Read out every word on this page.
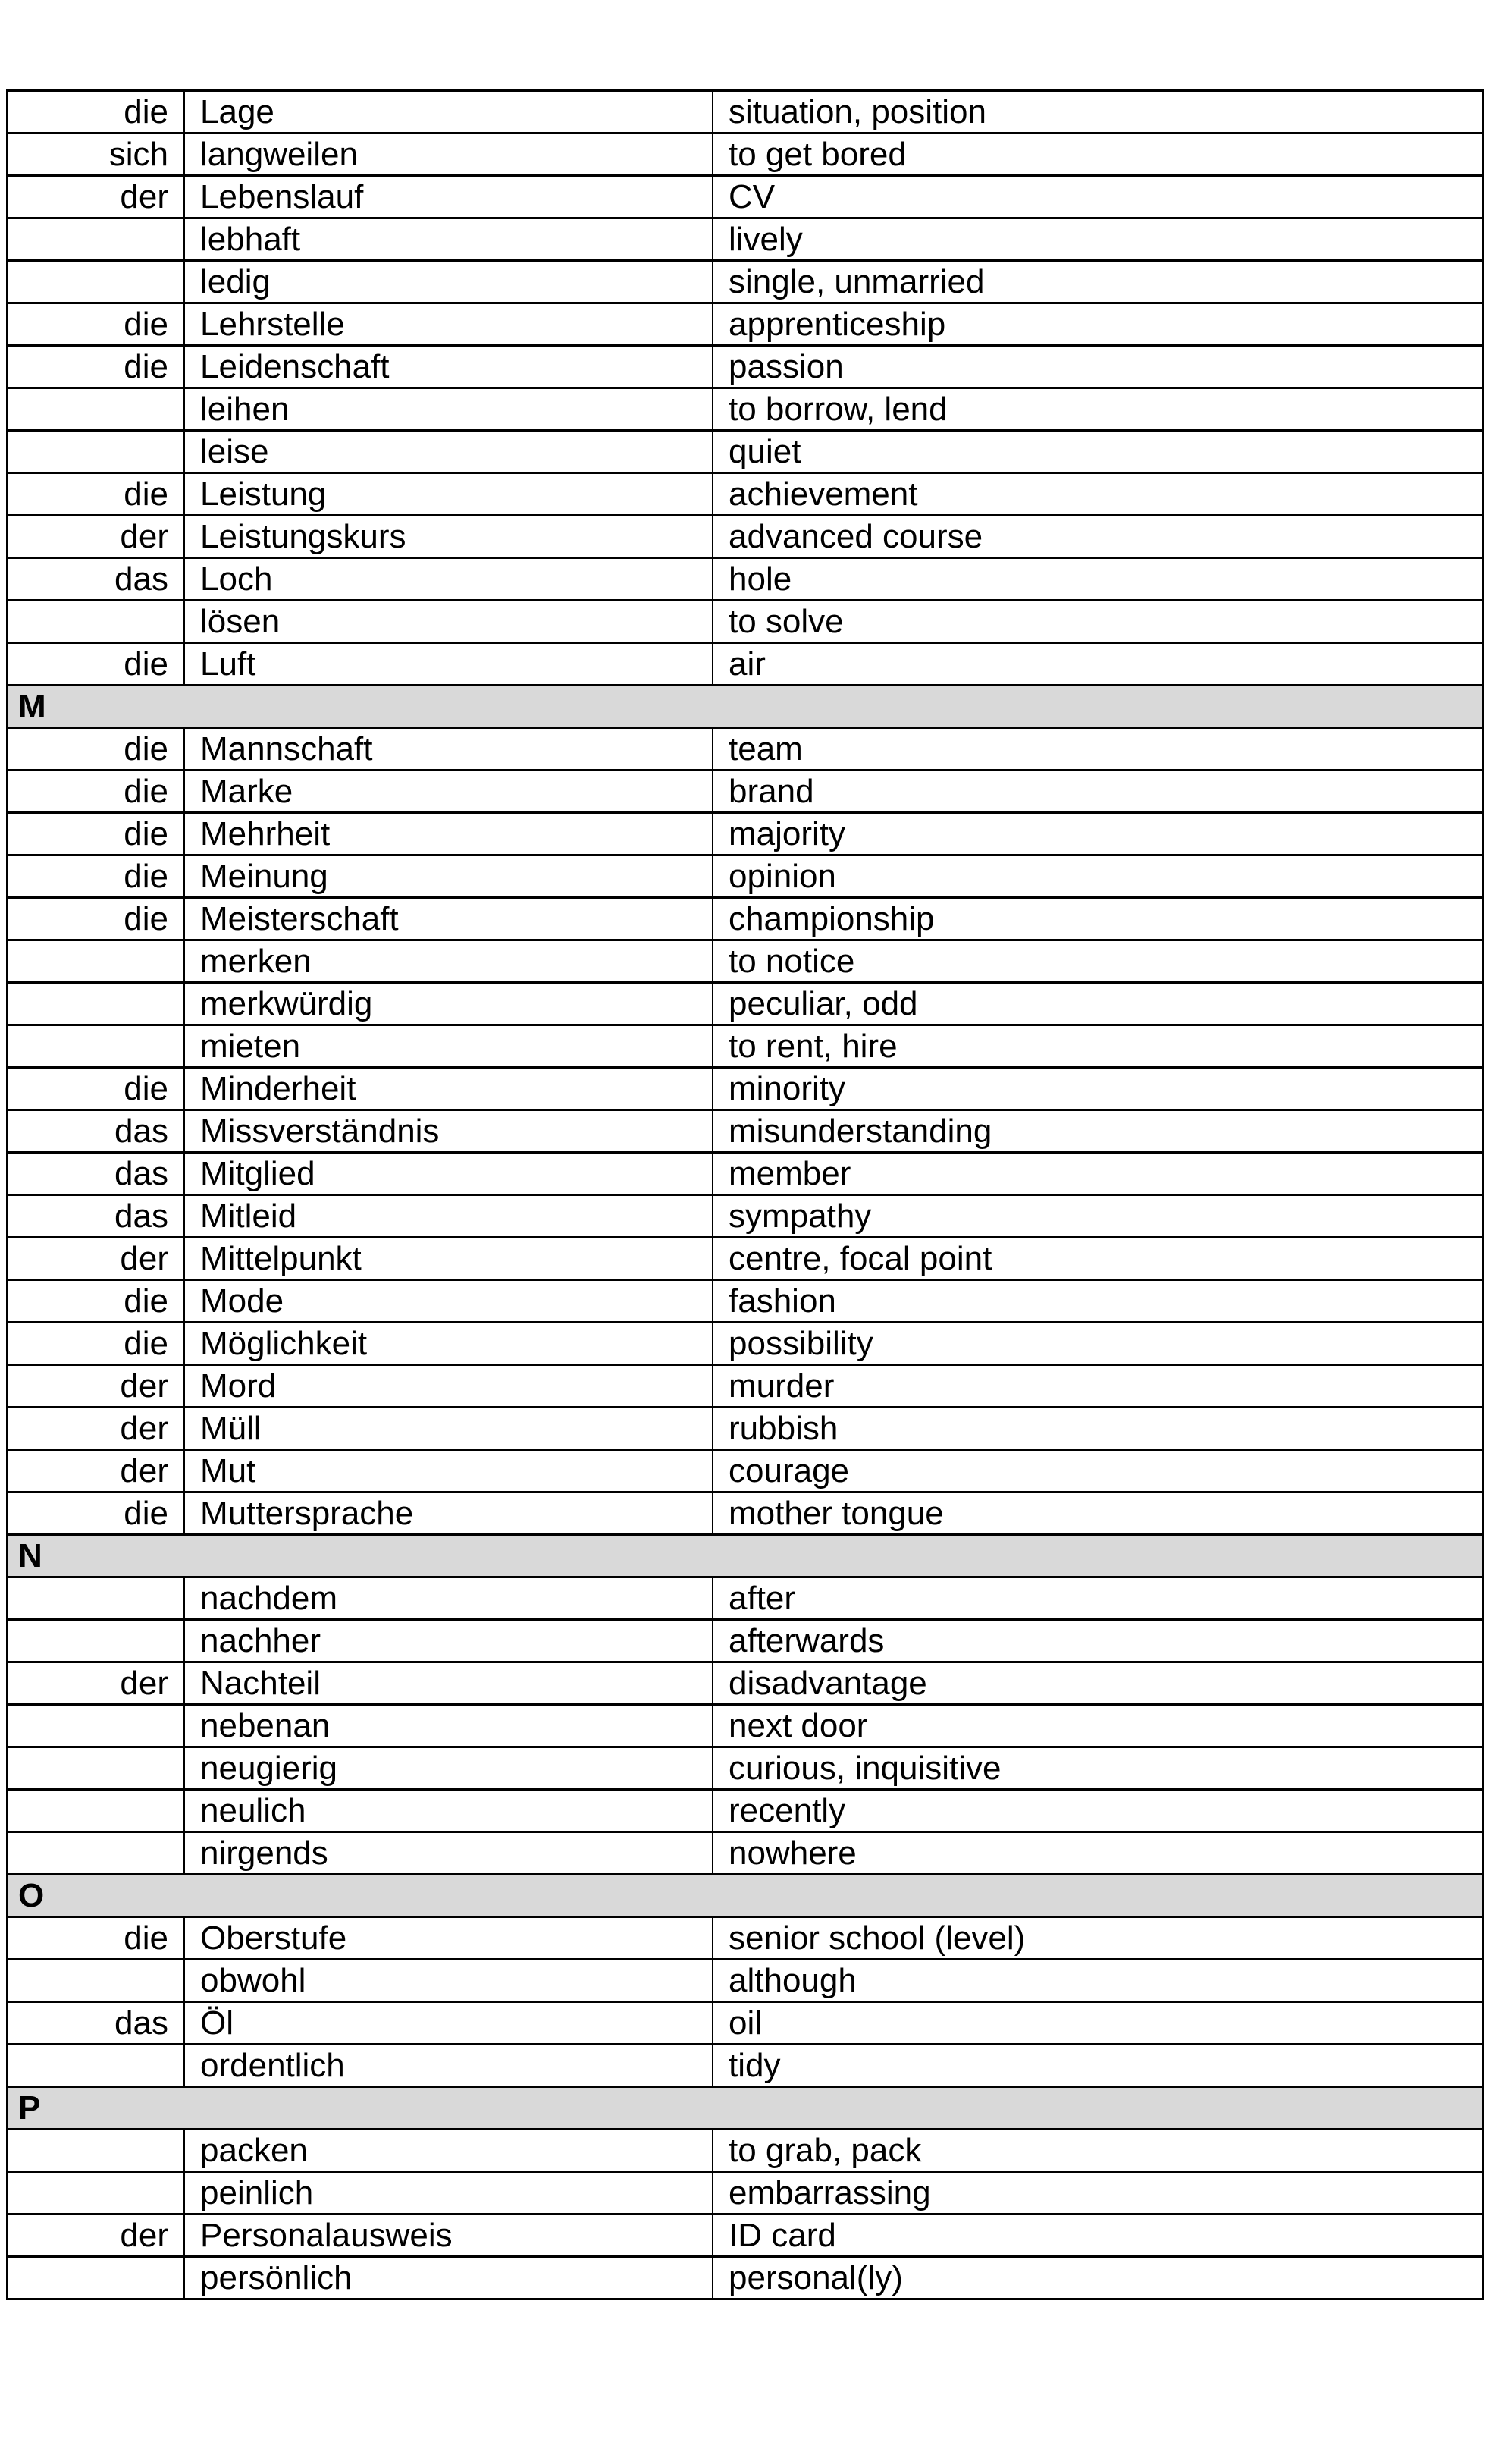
die	Lage	situation, position
sich	langweilen	to get bored
der	Lebenslauf	CV
	lebhaft	lively
	ledig	single, unmarried
die	Lehrstelle	apprenticeship
die	Leidenschaft	passion
	leihen	to borrow, lend
	leise	quiet
die	Leistung	achievement
der	Leistungskurs	advanced course
das	Loch	hole
	lösen	to solve
die	Luft	air
M		
die	Mannschaft	team
die	Marke	brand
die	Mehrheit	majority
die	Meinung	opinion
die	Meisterschaft	championship
	merken	to notice
	merkwürdig	peculiar, odd
	mieten	to rent, hire
die	Minderheit	minority
das	Missverständnis	misunderstanding
das	Mitglied	member
das	Mitleid	sympathy
der	Mittelpunkt	centre, focal point
die	Mode	fashion
die	Möglichkeit	possibility
der	Mord	murder
der	Müll	rubbish
der	Mut	courage
die	Muttersprache	mother tongue
N		
	nachdem	after
	nachher	afterwards
der	Nachteil	disadvantage
	nebenan	next door
	neugierig	curious, inquisitive
	neulich	recently
	nirgends	nowhere
O		
die	Oberstufe	senior school (level)
	obwohl	although
das	Öl	oil
	ordentlich	tidy
P		
	packen	to grab, pack
	peinlich	embarrassing
der	Personalausweis	ID card
	persönlich	personal(ly)
